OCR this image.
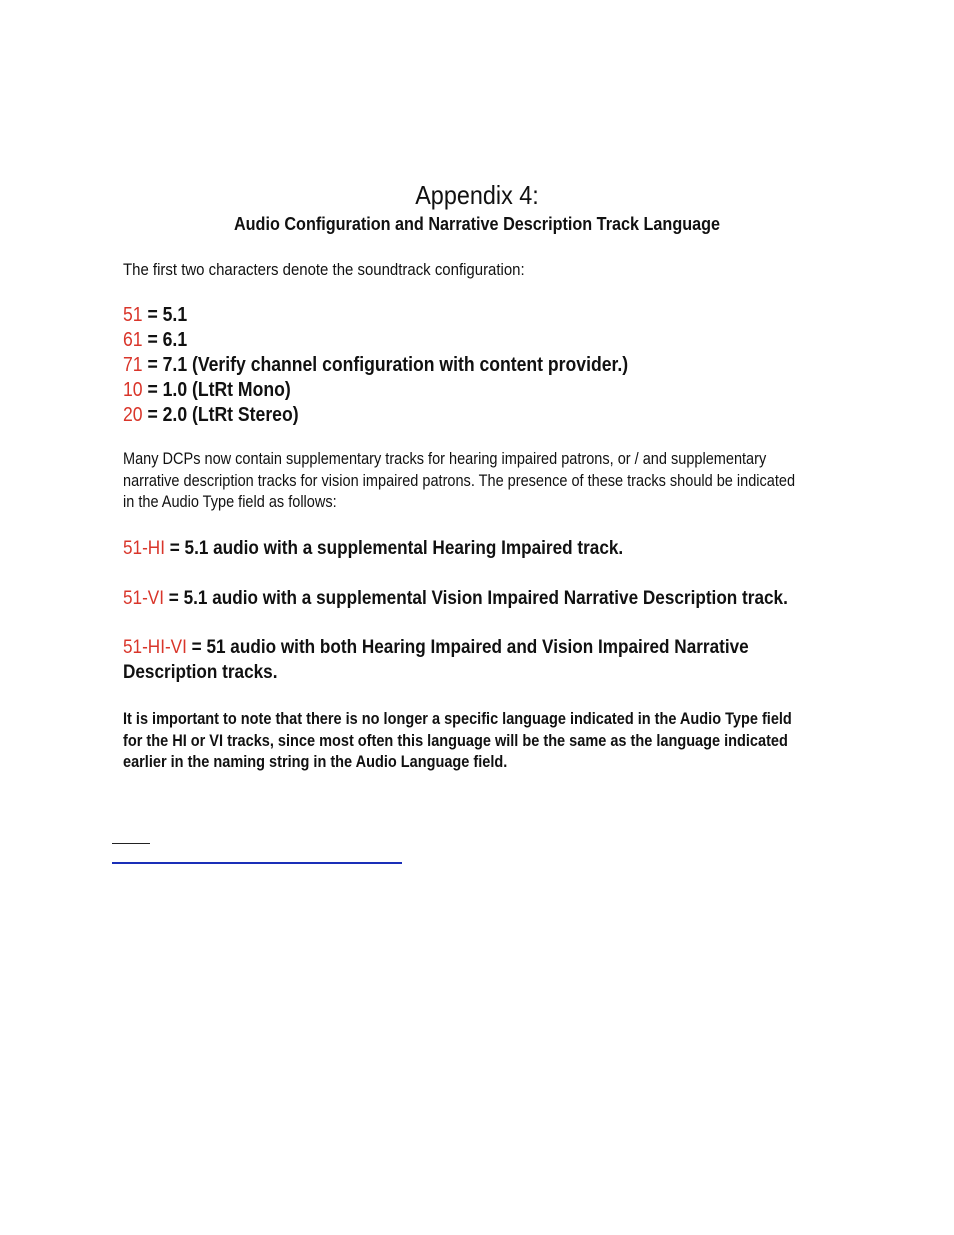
Appendix 4:
Audio Configuration and Narrative Description Track Language
The first two characters denote the soundtrack configuration:
51 = 5.1
61 = 6.1
71 = 7.1 (Verify channel configuration with content provider.)
10 = 1.0 (LtRt Mono)
20 = 2.0 (LtRt Stereo)
Many DCPs now contain supplementary tracks for hearing impaired patrons, or / and supplementary
narrative description tracks for vision impaired patrons. The presence of these tracks should be indicated
in the Audio Type field as follows:
51-HI = 5.1 audio with a supplemental Hearing Impaired track.
51-VI = 5.1 audio with a supplemental Vision Impaired Narrative Description track.
51-HI-VI = 51 audio with both Hearing Impaired and Vision Impaired Narrative
Description tracks.
It is important to note that there is no longer a specific language indicated in the Audio Type field
for the HI or VI tracks, since most often this language will be the same as the language indicated
earlier in the naming string in the Audio Language field.
